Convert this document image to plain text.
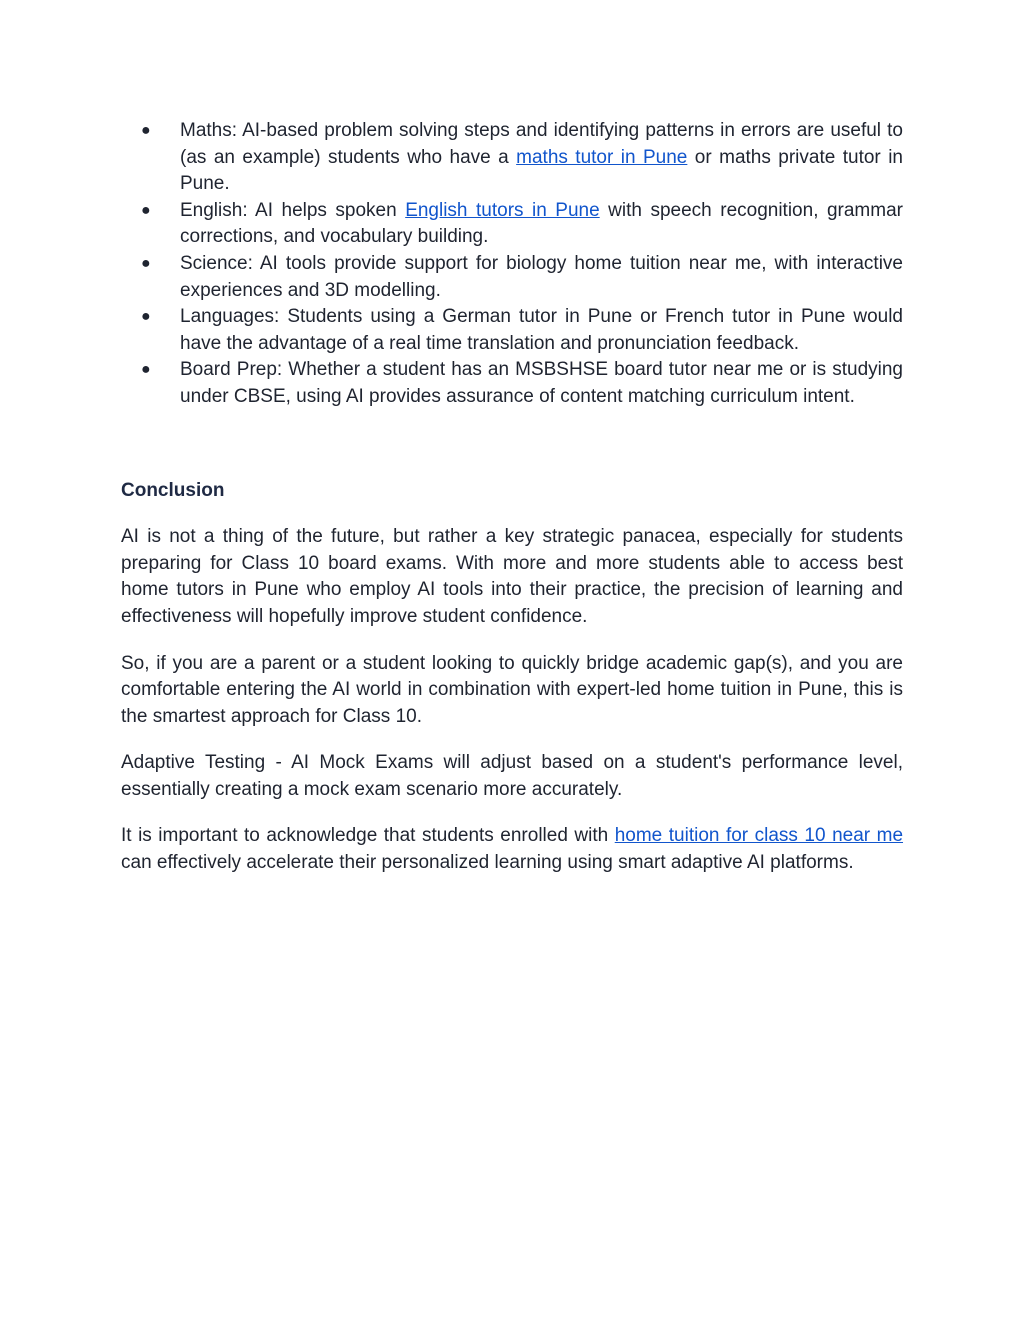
● Maths: AI-based problem solving steps and identifying patterns in errors are useful to (as an example) students who have a maths tutor in Pune or maths private tutor in Pune.
● English: AI helps spoken English tutors in Pune with speech recognition, grammar corrections, and vocabulary building.
● Science: AI tools provide support for biology home tuition near me, with interactive experiences and 3D modelling.
● Languages: Students using a German tutor in Pune or French tutor in Pune would have the advantage of a real time translation and pronunciation feedback.
● Board Prep: Whether a student has an MSBSHSE board tutor near me or is studying under CBSE, using AI provides assurance of content matching curriculum intent.
Conclusion

AI is not a thing of the future, but rather a key strategic panacea, especially for students preparing for Class 10 board exams. With more and more students able to access best home tutors in Pune who employ AI tools into their practice, the precision of learning and effectiveness will hopefully improve student confidence.

So, if you are a parent or a student looking to quickly bridge academic gap(s), and you are comfortable entering the AI world in combination with expert-led home tuition in Pune, this is the smartest approach for Class 10.

Adaptive Testing - AI Mock Exams will adjust based on a student's performance level, essentially creating a mock exam scenario more accurately.

It is important to acknowledge that students enrolled with home tuition for class 10 near me can effectively accelerate their personalized learning using smart adaptive AI platforms.
